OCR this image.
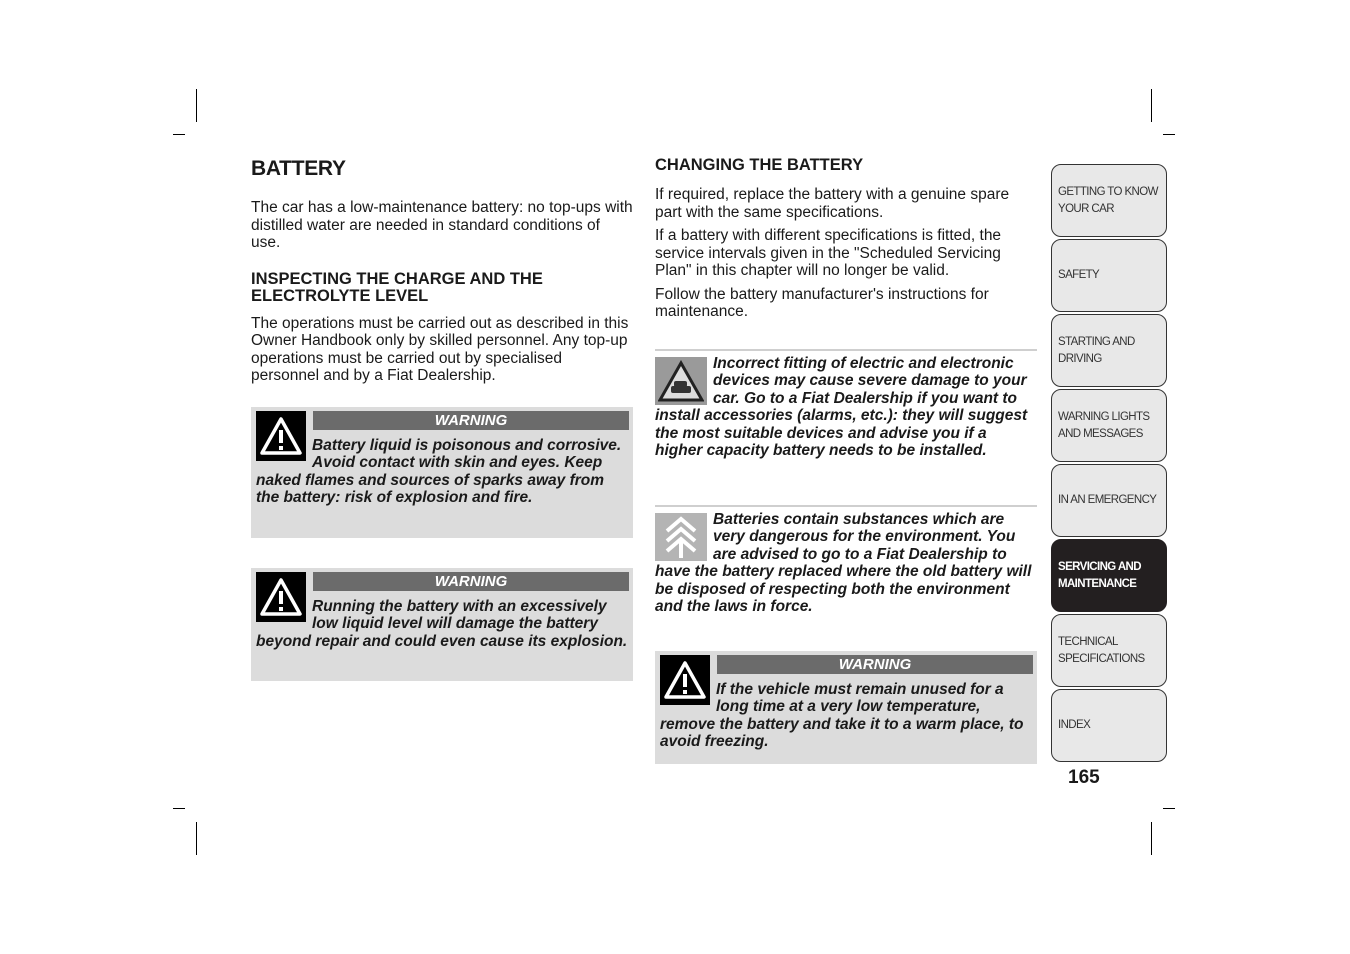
BATTERY

The car has a low-maintenance battery: no top-ups with distilled water are needed in standard conditions of use.

INSPECTING THE CHARGE AND THE ELECTROLYTE LEVEL

The operations must be carried out as described in this Owner Handbook only by skilled personnel. Any top-up operations must be carried out by specialised personnel and by a Fiat Dealership.

WARNING

Battery liquid is poisonous and corrosive. Avoid contact with skin and eyes. Keep naked flames and sources of sparks away from the battery: risk of explosion and fire.

WARNING

Running the battery with an excessively low liquid level will damage the battery beyond repair and could even cause its explosion.

CHANGING THE BATTERY

If required, replace the battery with a genuine spare part with the same specifications.

If a battery with different specifications is fitted, the service intervals given in the "Scheduled Servicing Plan" in this chapter will no longer be valid.

Follow the battery manufacturer's instructions for maintenance.

Incorrect fitting of electric and electronic devices may cause severe damage to your car. Go to a Fiat Dealership if you want to install accessories (alarms, etc.): they will suggest the most suitable devices and advise you if a higher capacity battery needs to be installed.

Batteries contain substances which are very dangerous for the environment. You are advised to go to a Fiat Dealership to have the battery replaced where the old battery will be disposed of respecting both the environment and the laws in force.

WARNING

If the vehicle must remain unused for a long time at a very low temperature, remove the battery and take it to a warm place, to avoid freezing.

GETTING TO KNOW
YOUR CAR
SAFETY
STARTING AND
DRIVING
WARNING LIGHTS
AND MESSAGES
IN AN EMERGENCY
SERVICING AND
MAINTENANCE
TECHNICAL
SPECIFICATIONS
INDEX
165
